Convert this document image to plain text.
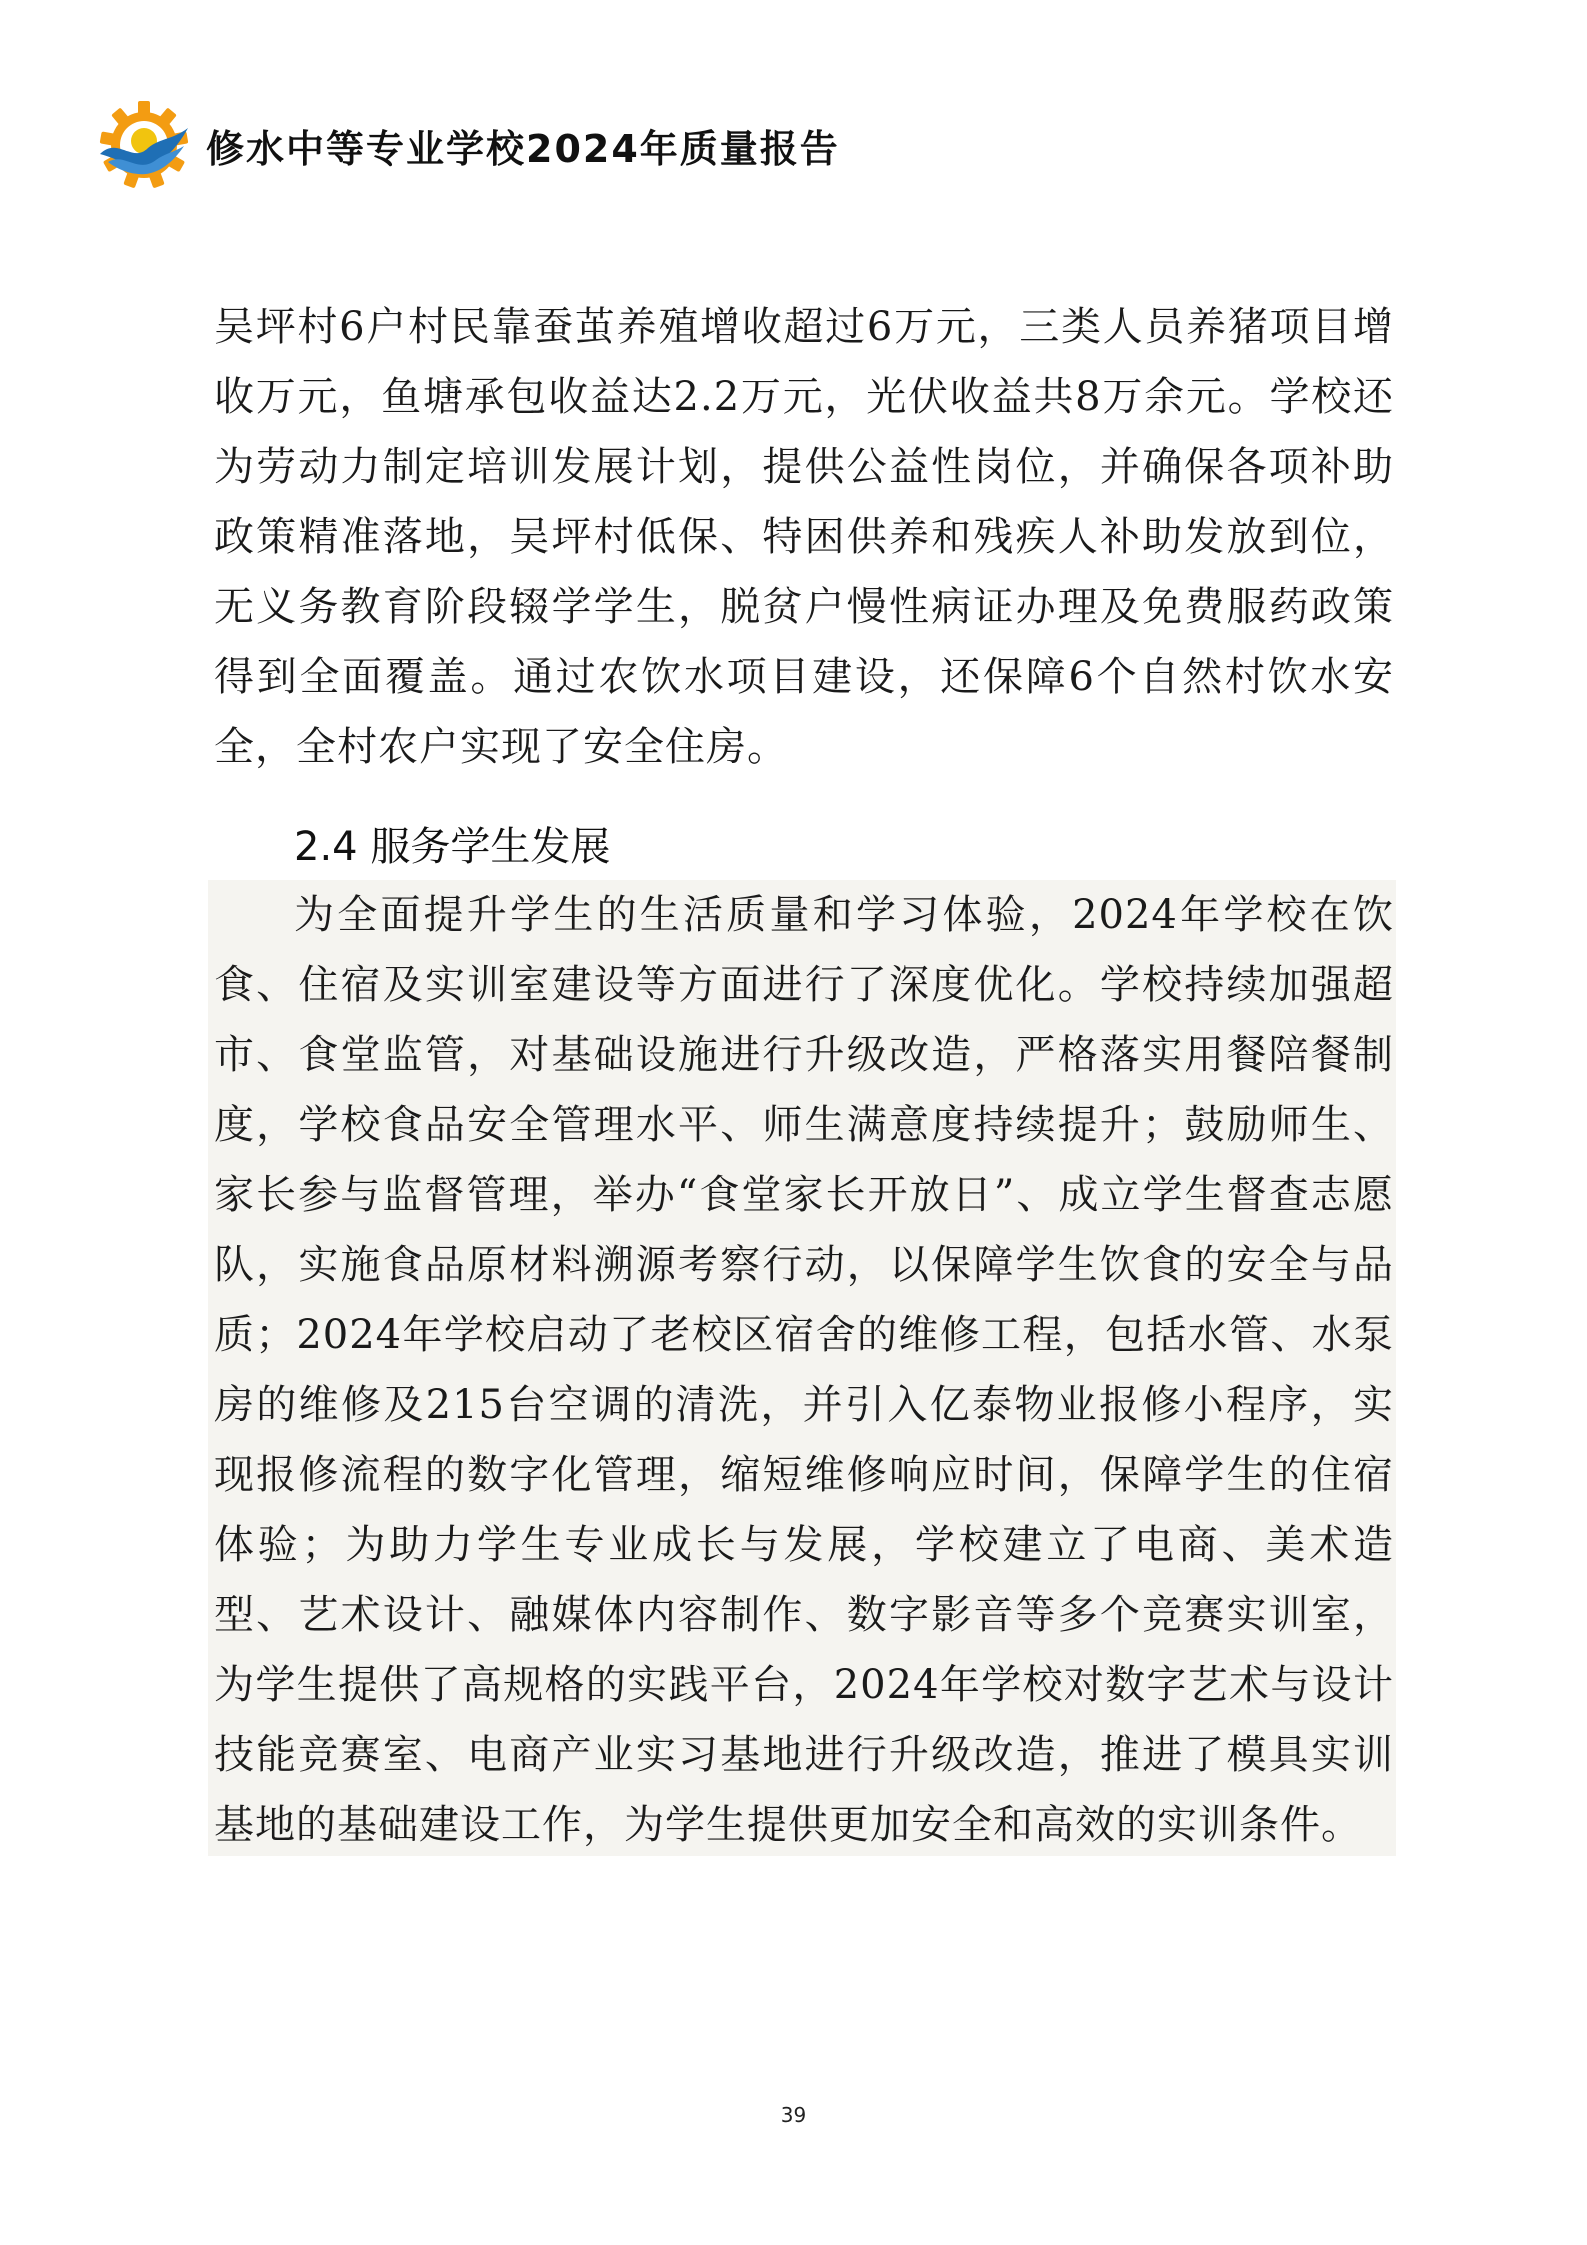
修水中等专业学校2024年质量报告

吴坪村6户村民靠蚕茧养殖增收超过6万元，三类人员养猪项目增收万元，鱼塘承包收益达2.2万元，光伏收益共8万余元。学校还为劳动力制定培训发展计划，提供公益性岗位，并确保各项补助政策精准落地，吴坪村低保、特困供养和残疾人补助发放到位，无义务教育阶段辍学学生，脱贫户慢性病证办理及免费服药政策得到全面覆盖。通过农饮水项目建设，还保障6个自然村饮水安全，全村农户实现了安全住房。

2.4 服务学生发展

为全面提升学生的生活质量和学习体验，2024年学校在饮食、住宿及实训室建设等方面进行了深度优化。学校持续加强超市、食堂监管，对基础设施进行升级改造，严格落实用餐陪餐制度，学校食品安全管理水平、师生满意度持续提升；鼓励师生、家长参与监督管理，举办“食堂家长开放日”、成立学生督查志愿队，实施食品原材料溯源考察行动，以保障学生饮食的安全与品质；2024年学校启动了老校区宿舍的维修工程，包括水管、水泵房的维修及215台空调的清洗，并引入亿泰物业报修小程序，实现报修流程的数字化管理，缩短维修响应时间，保障学生的住宿体验；为助力学生专业成长与发展，学校建立了电商、美术造型、艺术设计、融媒体内容制作、数字影音等多个竞赛实训室，为学生提供了高规格的实践平台，2024年学校对数字艺术与设计技能竞赛室、电商产业实习基地进行升级改造，推进了模具实训基地的基础建设工作，为学生提供更加安全和高效的实训条件。

39
